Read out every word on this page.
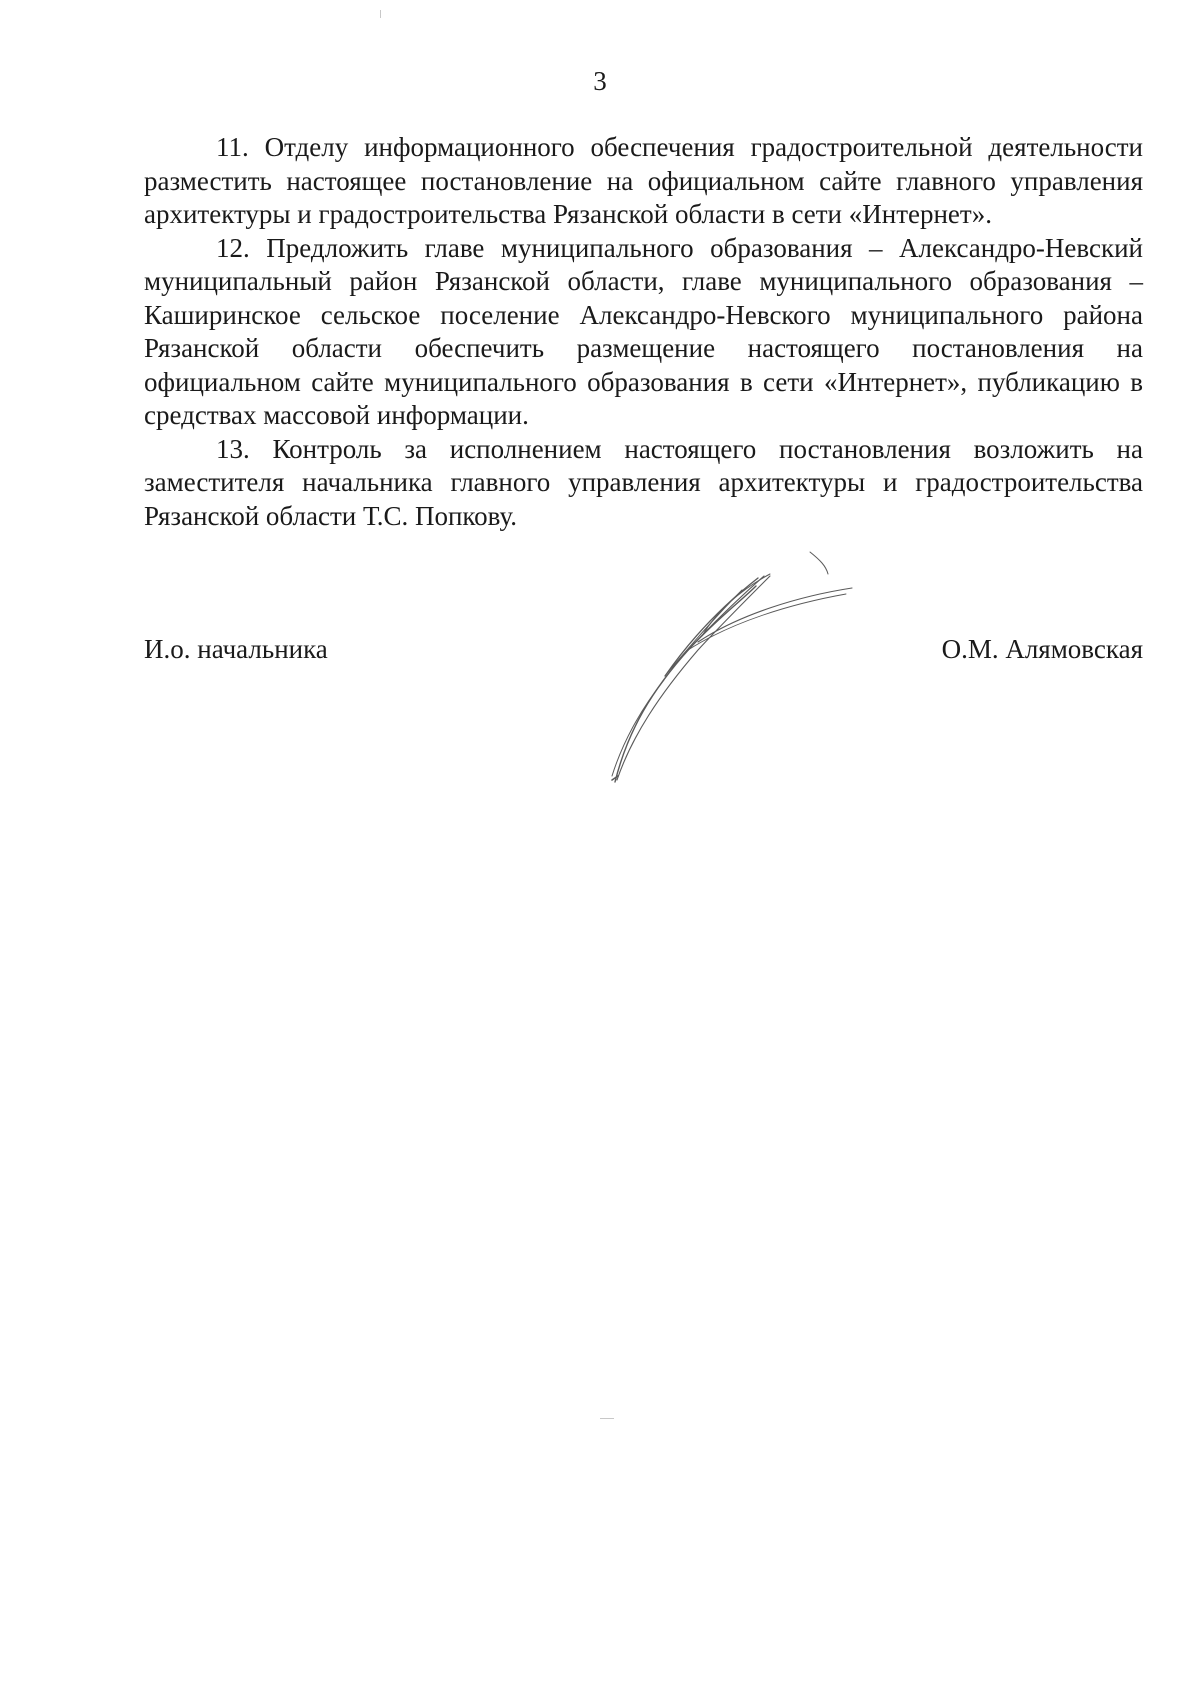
3

11. Отделу информационного обеспечения градостроительной деятельности разместить настоящее постановление на официальном сайте главного управления архитектуры и градостроительства Рязанской области в сети «Интернет».

12. Предложить главе муниципального образования – Александро-Невский муниципальный район Рязанской области, главе муниципального образования – Каширинское сельское поселение Александро-Невского муниципального района Рязанской области обеспечить размещение настоящего постановления на официальном сайте муниципального образования в сети «Интернет», публикацию в средствах массовой информации.

13. Контроль за исполнением настоящего постановления возложить на заместителя начальника главного управления архитектуры и градостроительства Рязанской области Т.С. Попкову.

И.о. начальника	О.М. Алямовская
